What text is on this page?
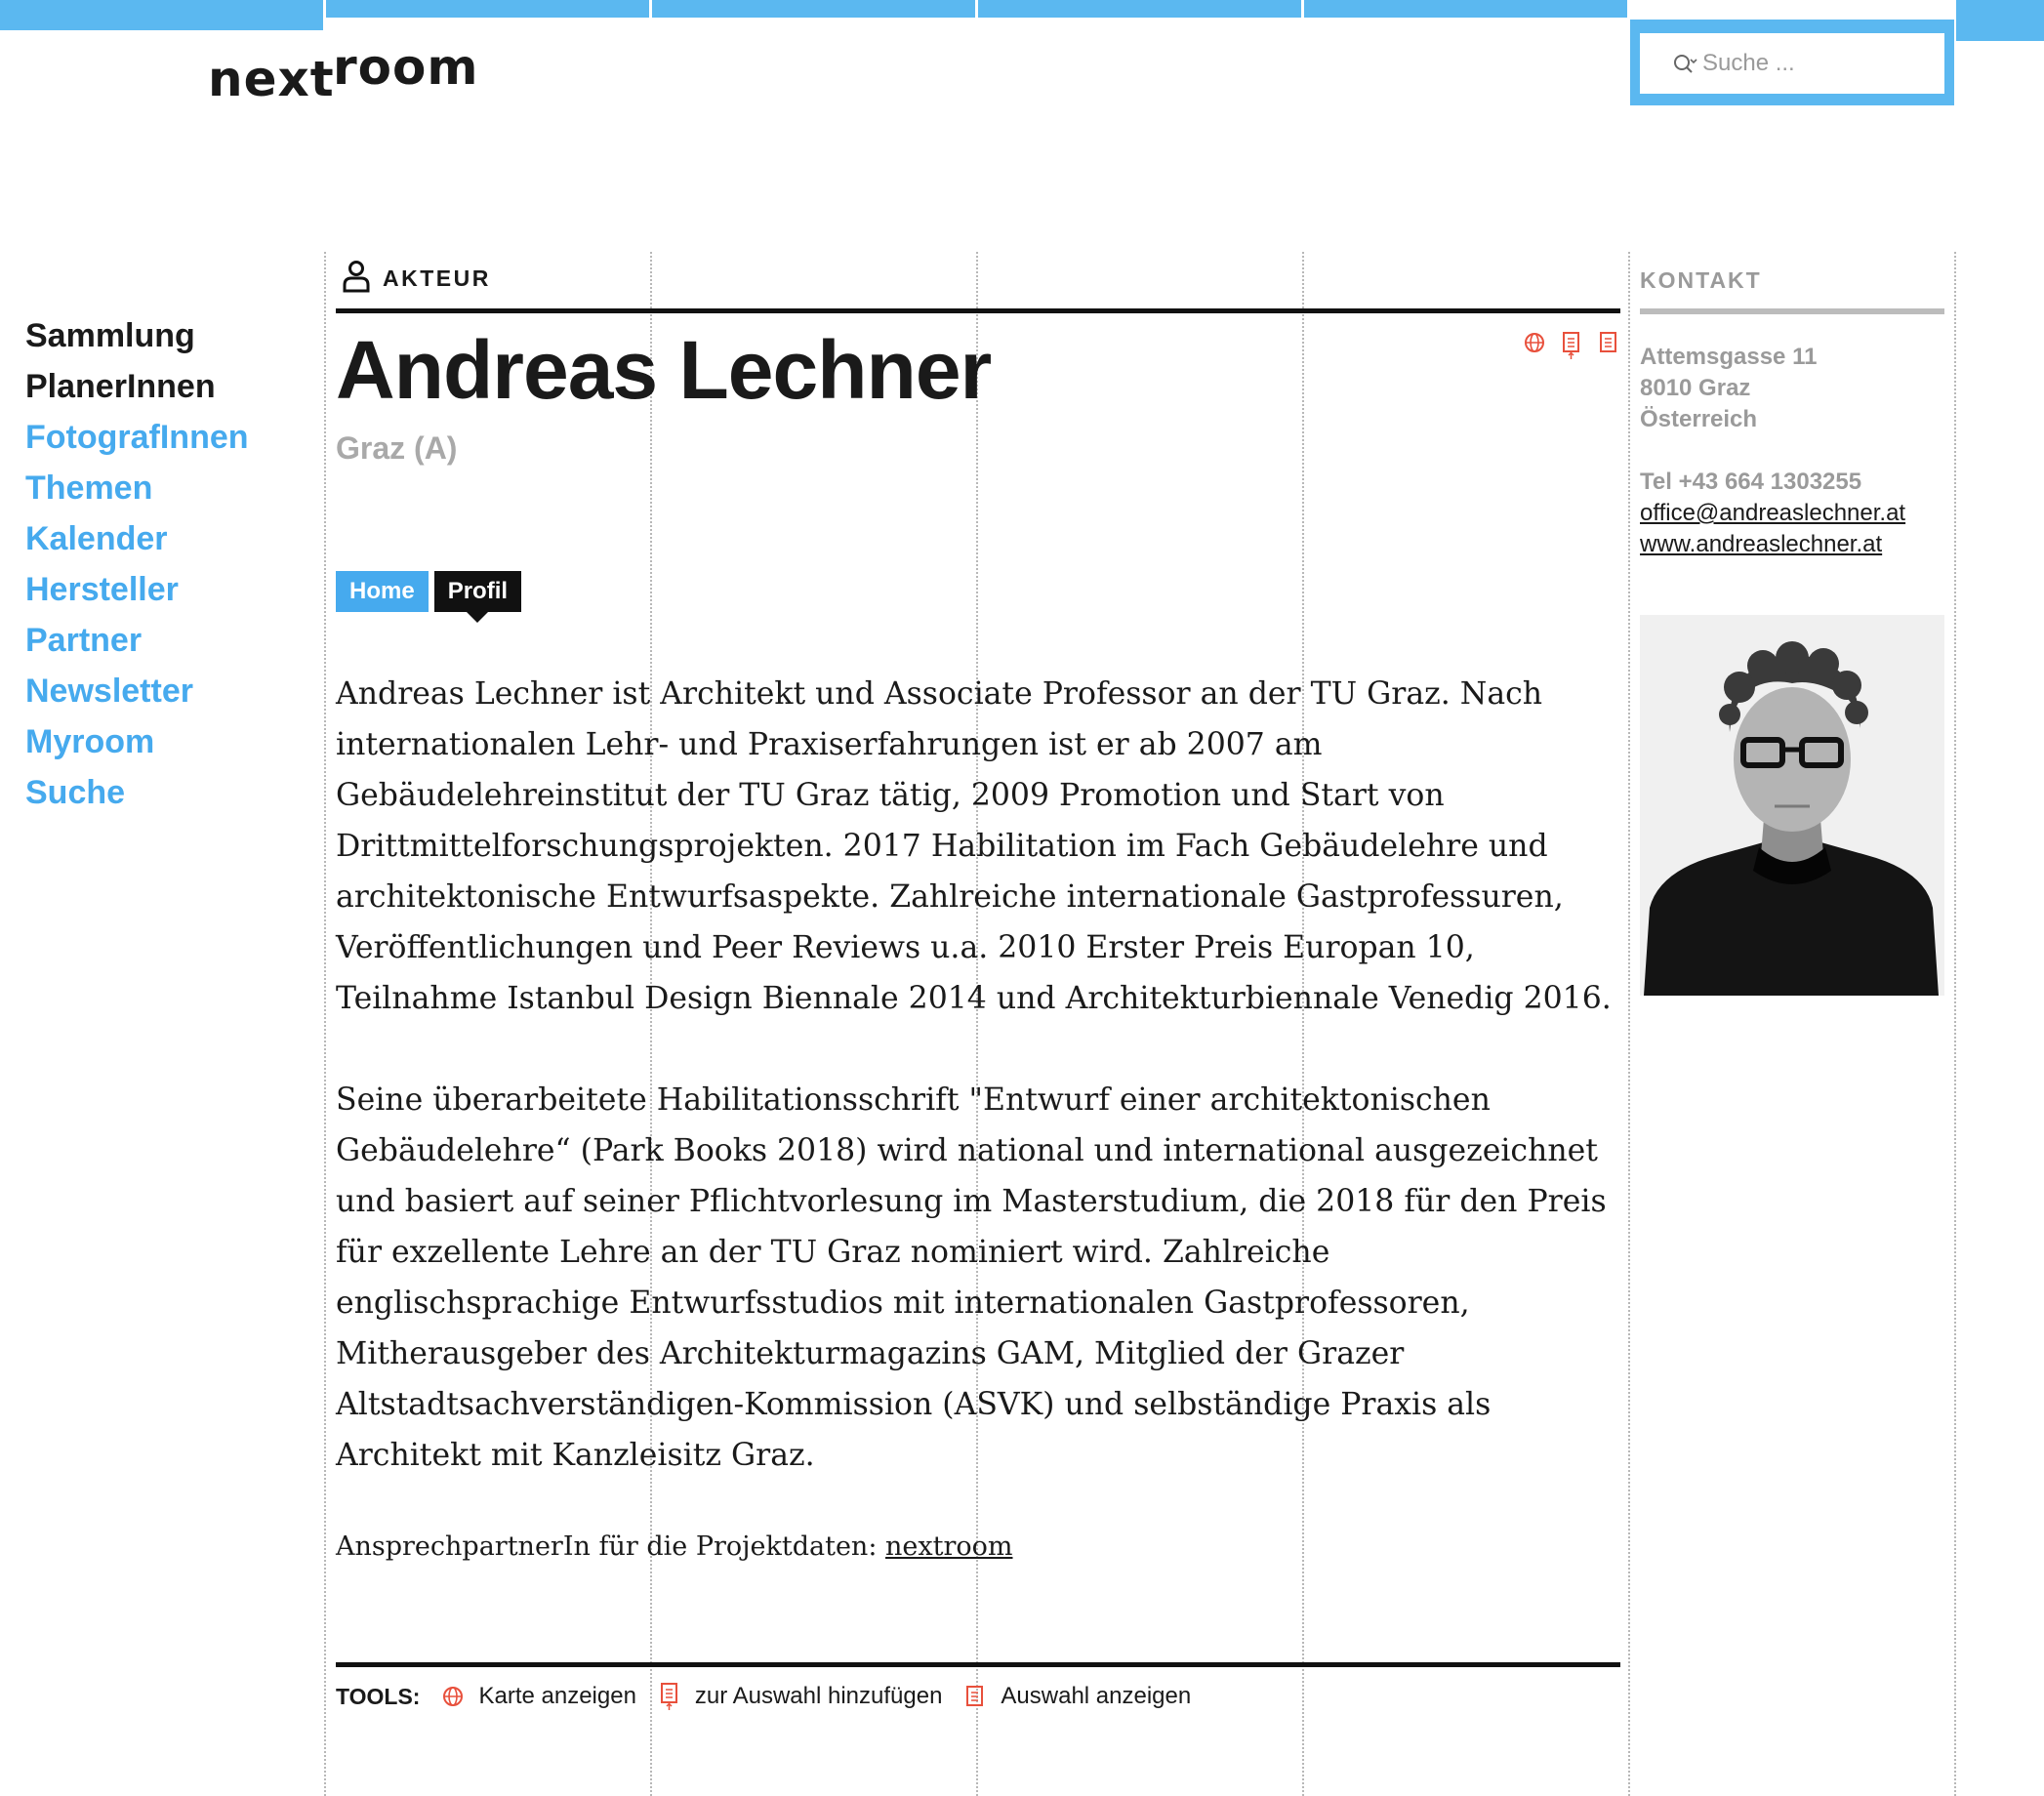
next
room
Suche ...
Sammlung
PlanerInnen
FotografInnen
Themen
Kalender
Hersteller
Partner
Newsletter
Myroom
Suche
AKTEUR
Andreas Lechner

Graz (A)

Home	Profil

Andreas Lechner ist Architekt und Associate Professor an der TU Graz. Nach internationalen Lehr- und Praxiserfahrungen ist er ab 2007 am Gebäudelehreinstitut der TU Graz tätig, 2009 Promotion und Start von Drittmittelforschungsprojekten. 2017 Habilitation im Fach Gebäudelehre und architektonische Entwurfsaspekte. Zahlreiche internationale Gastprofessuren, Veröffentlichungen und Peer Reviews u.a. 2010 Erster Preis Europan 10, Teilnahme Istanbul Design Biennale 2014 und Architekturbiennale Venedig 2016.

Seine überarbeitete Habilitationsschrift "Entwurf einer architektonischen Gebäudelehre“ (Park Books 2018) wird national und international ausgezeichnet und basiert auf seiner Pflichtvorlesung im Masterstudium, die 2018 für den Preis für exzellente Lehre an der TU Graz nominiert wird. Zahlreiche englischsprachige Entwurfsstudios mit internationalen Gastprofessoren, Mitherausgeber des Architekturmagazins GAM, Mitglied der Grazer Altstadtsachverständigen-Kommission (ASVK) und selbständige Praxis als Architekt mit Kanzleisitz Graz.

AnsprechpartnerIn für die Projektdaten: nextroom
TOOLS:	Karte anzeigen	zur Auswahl hinzufügen	Auswahl anzeigen
KONTAKT
Attemsgasse 11
8010 Graz
Österreich
Tel +43 664 1303255
office@andreaslechner.at
www.andreaslechner.at
